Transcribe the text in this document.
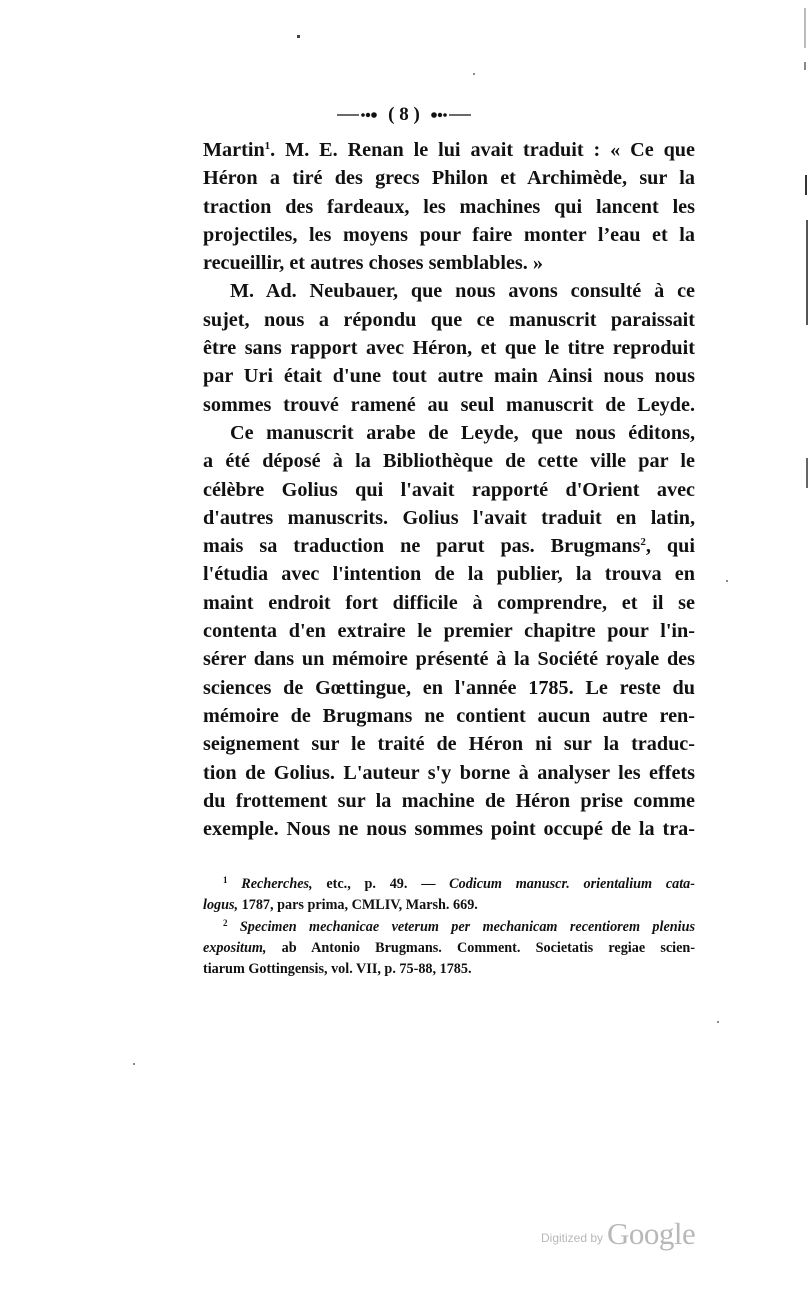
( 8 )
Martin$^1$. M. E. Renan le lui avait traduit : « Ce que
Héron a tiré des grecs Philon et Archimède, sur la
traction des fardeaux, les machines qui lancent les
projectiles, les moyens pour faire monter l’eau et la
recueillir, et autres choses semblables. »
M. Ad. Neubauer, que nous avons consulté à ce
sujet, nous a répondu que ce manuscrit paraissait
être sans rapport avec Héron, et que le titre reproduit
par Uri était d'une tout autre main Ainsi nous nous
sommes trouvé ramené au seul manuscrit de Leyde.
Ce manuscrit arabe de Leyde, que nous éditons,
a été déposé à la Bibliothèque de cette ville par le
célèbre Golius qui l'avait rapporté d'Orient avec
d'autres manuscrits. Golius l'avait traduit en latin,
mais sa traduction ne parut pas. Brugmans$^2$, qui
l'étudia avec l'intention de la publier, la trouva en
maint endroit fort difficile à comprendre, et il se
contenta d'en extraire le premier chapitre pour l'in-
sérer dans un mémoire présenté à la Société royale des
sciences de Gœttingue, en l'année 1785. Le reste du
mémoire de Brugmans ne contient aucun autre ren-
seignement sur le traité de Héron ni sur la traduc-
tion de Golius. L'auteur s'y borne à analyser les effets
du frottement sur la machine de Héron prise comme
exemple. Nous ne nous sommes point occupé de la tra-
$^1$ Recherches, etc., p. 49. — Codicum manuscr. orientalium cata-
logus, 1787, pars prima, CMLIV, Marsh. 669.
$^2$ Specimen mechanicae veterum per mechanicam recentiorem plenius
expositum, ab Antonio Brugmans. Comment. Societatis regiae scien-
tiarum Gottingensis, vol. VII, p. 75-88, 1785.
Digitized by Google
